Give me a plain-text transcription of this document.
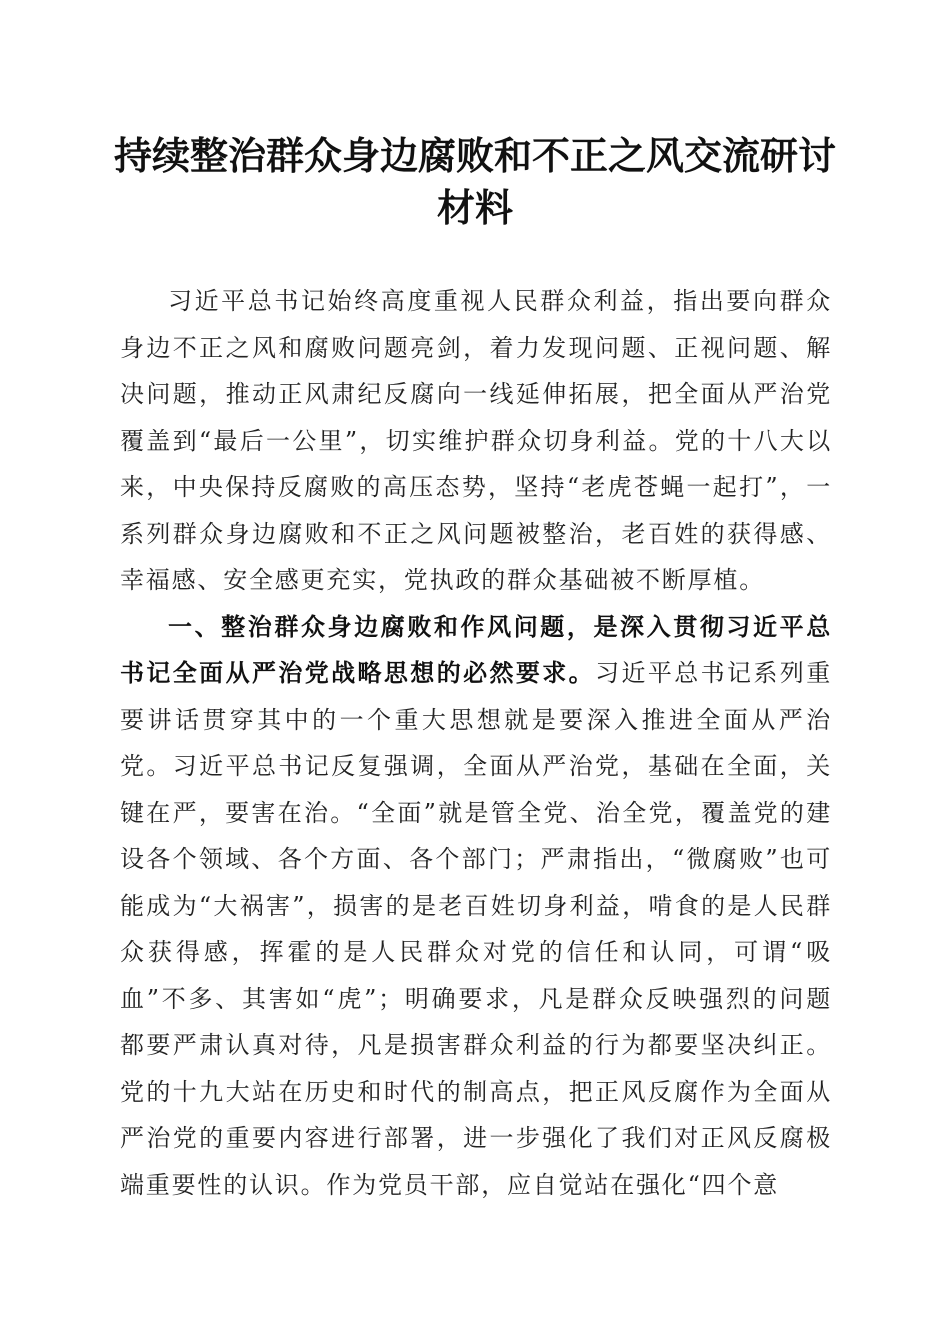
持续整治群众身边腐败和不正之风交流研讨材料

习近平总书记始终高度重视人民群众利益，指出要向群众身边不正之风和腐败问题亮剑，着力发现问题、正视问题、解决问题，推动正风肃纪反腐向一线延伸拓展，把全面从严治党覆盖到“最后一公里”，切实维护群众切身利益。党的十八大以来，中央保持反腐败的高压态势，坚持“老虎苍蝇一起打”，一系列群众身边腐败和不正之风问题被整治，老百姓的获得感、幸福感、安全感更充实，党执政的群众基础被不断厚植。

一、整治群众身边腐败和作风问题，是深入贯彻习近平总书记全面从严治党战略思想的必然要求。习近平总书记系列重要讲话贯穿其中的一个重大思想就是要深入推进全面从严治党。习近平总书记反复强调，全面从严治党，基础在全面，关键在严，要害在治。“全面”就是管全党、治全党，覆盖党的建设各个领域、各个方面、各个部门；严肃指出，“微腐败”也可能成为“大祸害”，损害的是老百姓切身利益，啃食的是人民群众获得感，挥霍的是人民群众对党的信任和认同，可谓“吸血”不多、其害如“虎”；明确要求，凡是群众反映强烈的问题都要严肃认真对待，凡是损害群众利益的行为都要坚决纠正。党的十九大站在历史和时代的制高点，把正风反腐作为全面从严治党的重要内容进行部署，进一步强化了我们对正风反腐极端重要性的认识。作为党员干部，应自觉站在强化“四个意
